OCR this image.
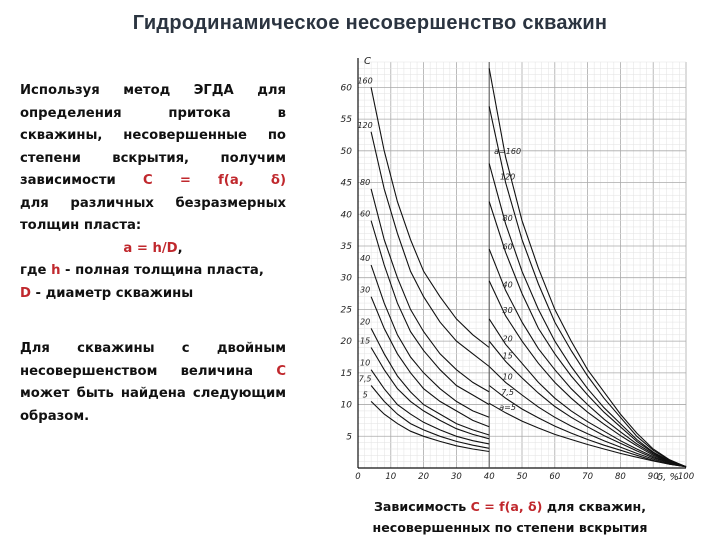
Гидродинамическое несовершенство скважин
Используя метод ЭГДА для
определения притока в
скважины, несовершенные по
степени вскрытия, получим
зависимости C = f(a, δ)
для различных безразмерных
толщин пласта:
a = h/D,
где h - полная толщина пласта,
D - диаметр скважины
Для скважины с двойным
несовершенством величина C
может быть найдена следующим
образом.
0	10	20	30	40	50	60	70	80	90 100
5
10
15
20
25
30
35
40
45
50
55
60
C
δ, %
160
120
80
60
40
30
20
15
10
7,5
5
a=160
120
80
60
40
30
20
15
10
7,5
a=5
Зависимость C = f(a, δ) для скважин,
несовершенных по степени вскрытия
